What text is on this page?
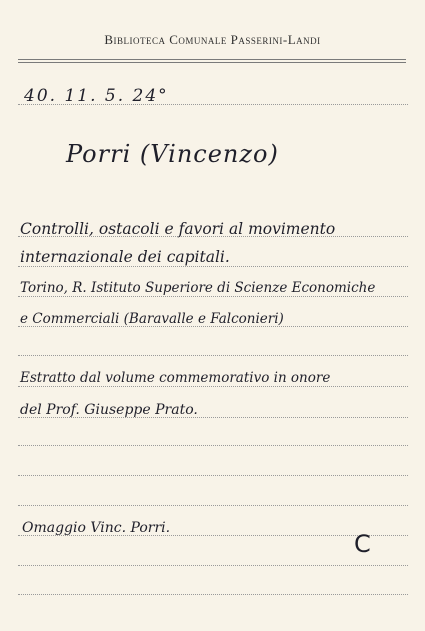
Biblioteca Comunale Passerini-Landi
40. 11. 5. 24°
Porri (Vincenzo)
Controlli, ostacoli e favori al movimento
internazionale dei capitali.
Torino, R. Istituto Superiore di Scienze Economiche
e Commerciali (Baravalle e Falconieri)
Estratto dal volume commemorativo in onore
del Prof. Giuseppe Prato.
Omaggio Vinc. Porri.
C
